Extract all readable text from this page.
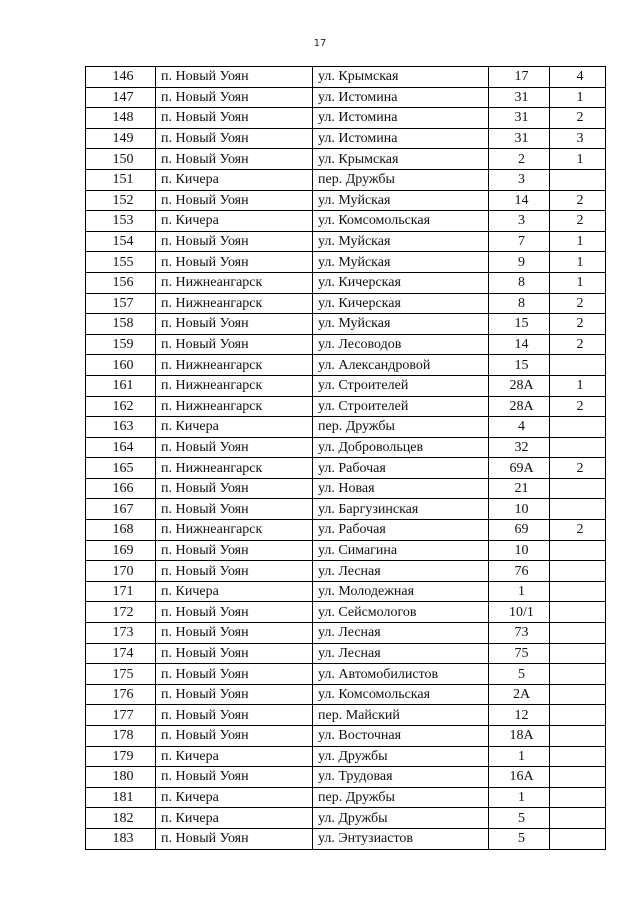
17
146	п. Новый Уоян	ул. Крымская	17	4
147	п. Новый Уоян	ул. Истомина	31	1
148	п. Новый Уоян	ул. Истомина	31	2
149	п. Новый Уоян	ул. Истомина	31	3
150	п. Новый Уоян	ул. Крымская	2	1
151	п. Кичера	пер. Дружбы	3	
152	п. Новый Уоян	ул. Муйская	14	2
153	п. Кичера	ул. Комсомольская	3	2
154	п. Новый Уоян	ул. Муйская	7	1
155	п. Новый Уоян	ул. Муйская	9	1
156	п. Нижнеангарск	ул. Кичерская	8	1
157	п. Нижнеангарск	ул. Кичерская	8	2
158	п. Новый Уоян	ул. Муйская	15	2
159	п. Новый Уоян	ул. Лесоводов	14	2
160	п. Нижнеангарск	ул. Александровой	15	
161	п. Нижнеангарск	ул. Строителей	28А	1
162	п. Нижнеангарск	ул. Строителей	28А	2
163	п. Кичера	пер. Дружбы	4	
164	п. Новый Уоян	ул. Добровольцев	32	
165	п. Нижнеангарск	ул. Рабочая	69А	2
166	п. Новый Уоян	ул. Новая	21	
167	п. Новый Уоян	ул. Баргузинская	10	
168	п. Нижнеангарск	ул. Рабочая	69	2
169	п. Новый Уоян	ул. Симагина	10	
170	п. Новый Уоян	ул. Лесная	76	
171	п. Кичера	ул. Молодежная	1	
172	п. Новый Уоян	ул. Сейсмологов	10/1	
173	п. Новый Уоян	ул. Лесная	73	
174	п. Новый Уоян	ул. Лесная	75	
175	п. Новый Уоян	ул. Автомобилистов	5	
176	п. Новый Уоян	ул. Комсомольская	2А	
177	п. Новый Уоян	пер. Майский	12	
178	п. Новый Уоян	ул. Восточная	18А	
179	п. Кичера	ул. Дружбы	1	
180	п. Новый Уоян	ул. Трудовая	16А	
181	п. Кичера	пер. Дружбы	1	
182	п. Кичера	ул. Дружбы	5	
183	п. Новый Уоян	ул. Энтузиастов	5	
